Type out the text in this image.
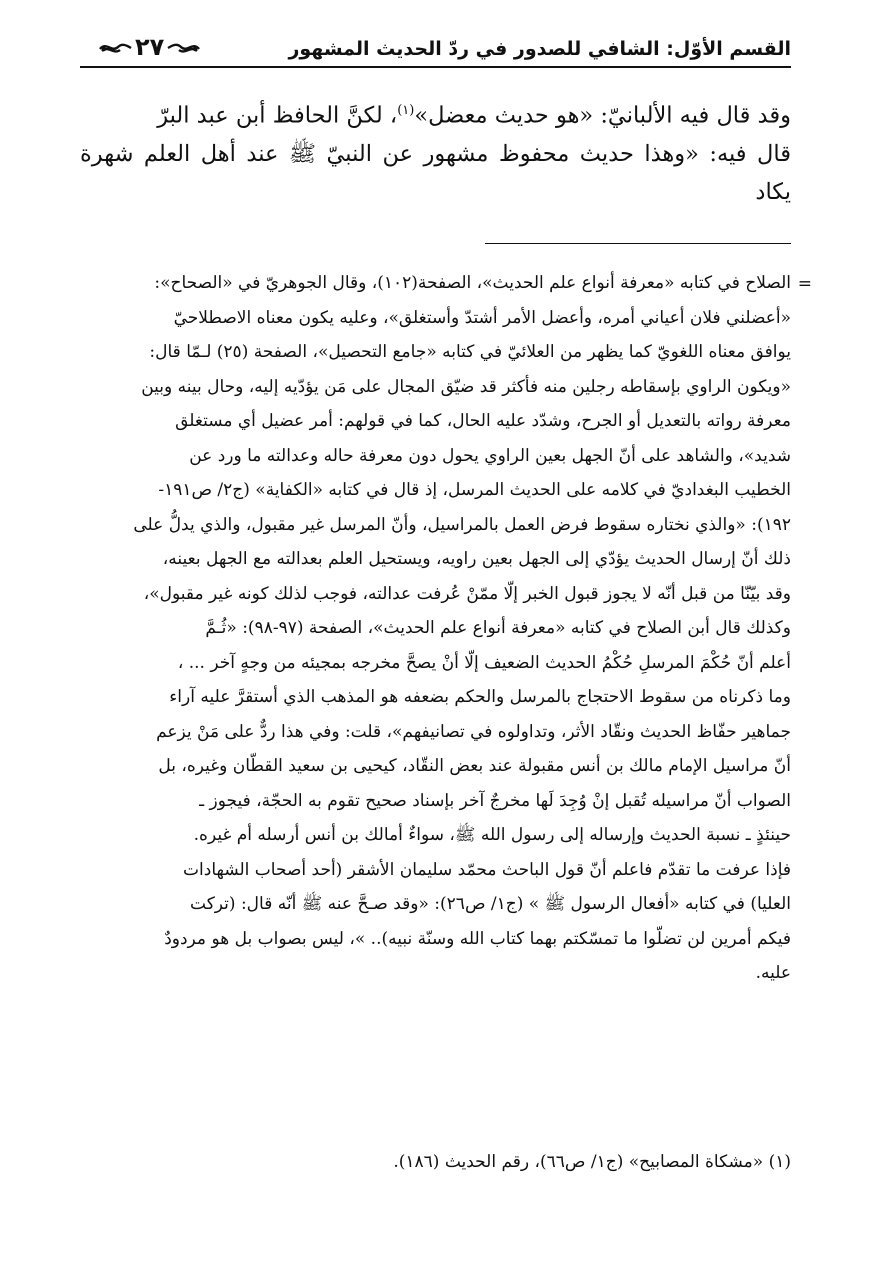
القسم الأوّل: الشافي للصدور في ردّ الحديث المشهور
٢٧

وقد قال فيه الألبانيّ: «هو حديث معضل»$^{(١)}$، لكنَّ الحافظ أبن عبد البرّ

قال فيه: «وهذا حديث محفوظ مشهور عن النبيّ ﷺ عند أهل العلم شهرة يكاد

=

الصلاح في كتابه «معرفة أنواع علم الحديث»، الصفحة(١٠٢)، وقال الجوهريّ في «الصحاح»:

«أعضلني فلان أعياني أمره، وأعضل الأمر أشتدّ وأستغلق»، وعليه يكون معناه الاصطلاحيّ

يوافق معناه اللغويّ كما يظهر من العلائيّ في كتابه «جامع التحصيل»، الصفحة (٢٥) لـمّا قال:

«ويكون الراوي بإسقاطه رجلين منه فأكثر قد ضيّق المجال على مَن يؤدّيه إليه، وحال بينه وبين

معرفة رواته بالتعديل أو الجرح، وشدّد عليه الحال، كما في قولهم: أمر عضيل أي مستغلق

شديد»، والشاهد على أنّ الجهل بعين الراوي يحول دون معرفة حاله وعدالته ما ورد عن

الخطيب البغداديّ في كلامه على الحديث المرسل، إذ قال في كتابه «الكفاية» (ج٢/ ص١٩١-

١٩٢): «والذي نختاره سقوط فرض العمل بالمراسيل، وأنّ المرسل غير مقبول، والذي يدلُّ على

ذلك أنّ إرسال الحديث يؤدّي إلى الجهل بعين راويه، ويستحيل العلم بعدالته مع الجهل بعينه،

وقد بيّنّا من قبل أنّه لا يجوز قبول الخبر إلّا ممّنْ عُرفت عدالته، فوجب لذلك كونه غير مقبول»،

وكذلك قال أبن الصلاح في كتابه «معرفة أنواع علم الحديث»، الصفحة (٩٧-٩٨): «ثُـمَّ

أعلم أنّ حُكْمَ المرسلِ حُكْمُ الحديث الضعيف إلّا أنْ يصحَّ مخرجه بمجيئه من وجهٍ آخر ... ،

وما ذكرناه من سقوط الاحتجاج بالمرسل والحكم بضعفه هو المذهب الذي أستقرَّ عليه آراء

جماهير حفّاظ الحديث ونقّاد الأثر، وتداولوه في تصانيفهم»، قلت: وفي هذا ردٌّ على مَنْ يزعم

أنّ مراسيل الإمام مالك بن أنس مقبولة عند بعض النقّاد، كيحيى بن سعيد القطّان وغيره، بل

الصواب أنّ مراسيله تُقبل إنْ وُجِدَ لَها مخرجٌ آخر بإسناد صحيح تقوم به الحجّة، فيجوز ـ

حينئذٍ ـ نسبة الحديث وإرساله إلى رسول الله ﷺ، سواءٌ أمالك بن أنس أرسله أم غيره.

فإذا عرفت ما تقدّم فاعلم أنّ قول الباحث محمّد سليمان الأشقر (أحد أصحاب الشهادات

العليا) في كتابه «أفعال الرسول ﷺ » (ج١/ ص٢٦): «وقد صـحَّ عنه ﷺ أنّه قال: (تركت

فيكم أمرين لن تضلّوا ما تمسّكتم بهما كتاب الله وسنّة نبيه).. »، ليس بصواب بل هو مردودٌ

عليه.

(١) «مشكاة المصابيح» (ج١/ ص٦٦)، رقم الحديث (١٨٦).
